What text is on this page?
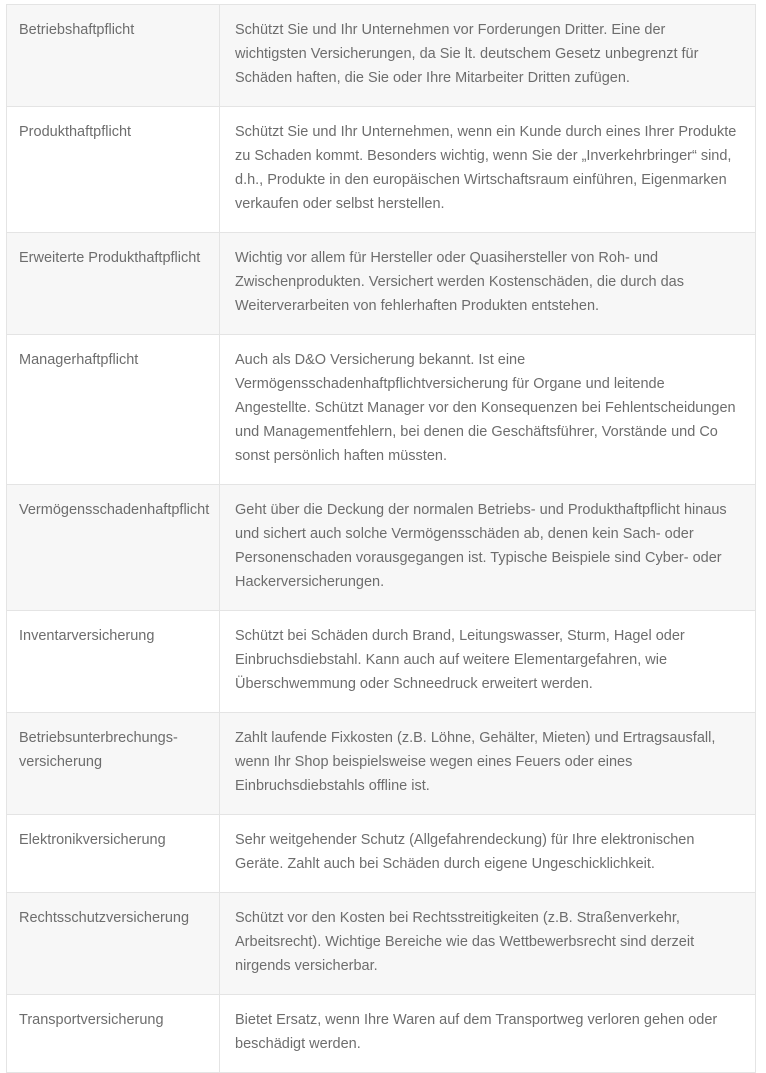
Betriebshaftpflicht	Schützt Sie und Ihr Unternehmen vor Forderungen Dritter. Eine der wichtigsten Versicherungen, da Sie lt. deutschem Gesetz unbegrenzt für Schäden haften, die Sie oder Ihre Mitarbeiter Dritten zufügen.
Produkthaftpflicht	Schützt Sie und Ihr Unternehmen, wenn ein Kunde durch eines Ihrer Produkte zu Schaden kommt. Besonders wichtig, wenn Sie der „Inverkehrbringer“ sind, d.h., Produkte in den europäischen Wirtschaftsraum einführen, Eigenmarken verkaufen oder selbst herstellen.
Erweiterte Produkthaftpflicht	Wichtig vor allem für Hersteller oder Quasihersteller von Roh- und Zwischenprodukten. Versichert werden Kostenschäden, die durch das Weiterverarbeiten von fehlerhaften Produkten entstehen.
Managerhaftpflicht	Auch als D&O Versicherung bekannt. Ist eine Vermögensschadenhaftpflichtversicherung für Organe und leitende Angestellte. Schützt Manager vor den Konsequenzen bei Fehlentscheidungen und Managementfehlern, bei denen die Geschäftsführer, Vorstände und Co sonst persönlich haften müssten.
Vermögensschadenhaftpflicht	Geht über die Deckung der normalen Betriebs- und Produkthaftpflicht hinaus und sichert auch solche Vermögensschäden ab, denen kein Sach- oder Personenschaden vorausgegangen ist. Typische Beispiele sind Cyber- oder Hackerversicherungen.
Inventarversicherung	Schützt bei Schäden durch Brand, Leitungswasser, Sturm, Hagel oder Einbruchsdiebstahl. Kann auch auf weitere Elementargefahren, wie Überschwemmung oder Schneedruck erweitert werden.
Betriebsunterbrechungs-versicherung	Zahlt laufende Fixkosten (z.B. Löhne, Gehälter, Mieten) und Ertragsausfall, wenn Ihr Shop beispielsweise wegen eines Feuers oder eines Einbruchsdiebstahls offline ist.
Elektronikversicherung	Sehr weitgehender Schutz (Allgefahrendeckung) für Ihre elektronischen Geräte. Zahlt auch bei Schäden durch eigene Ungeschicklichkeit.
Rechtsschutzversicherung	Schützt vor den Kosten bei Rechtsstreitigkeiten (z.B. Straßenverkehr, Arbeitsrecht). Wichtige Bereiche wie das Wettbewerbsrecht sind derzeit nirgends versicherbar.
Transportversicherung	Bietet Ersatz, wenn Ihre Waren auf dem Transportweg verloren gehen oder beschädigt werden.
